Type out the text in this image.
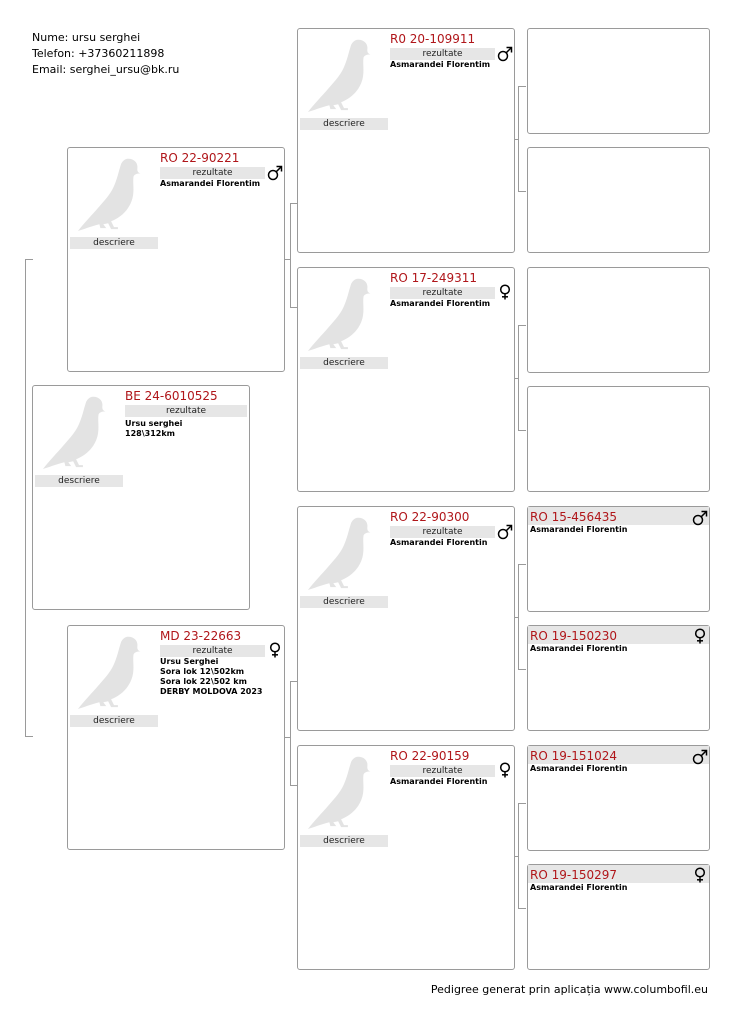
Nume: ursu serghei
Telefon: +37360211898
Email: serghei_ursu@bk.ru
descriere
BE 24-6010525
rezultate
Ursu serghei
128\312km
descriere
RO 22-90221
rezultate
Asmarandei Florentim
descriere
MD 23-22663
rezultate
Ursu Serghei
Sora lok 12\502km
Sora lok 22\502 km
DERBY MOLDOVA 2023
descriere
R0 20-109911
rezultate
Asmarandei Florentim
descriere
RO 17-249311
rezultate
Asmarandei Florentim
descriere
RO 22-90300
rezultate
Asmarandei Florentin
descriere
RO 22-90159
rezultate
Asmarandei Florentin
RO 15-456435
Asmarandei Florentin
RO 19-150230
Asmarandei Florentin
RO 19-151024
Asmarandei Florentin
RO 19-150297
Asmarandei Florentin
Pedigree generat prin aplicația www.columbofil.eu
